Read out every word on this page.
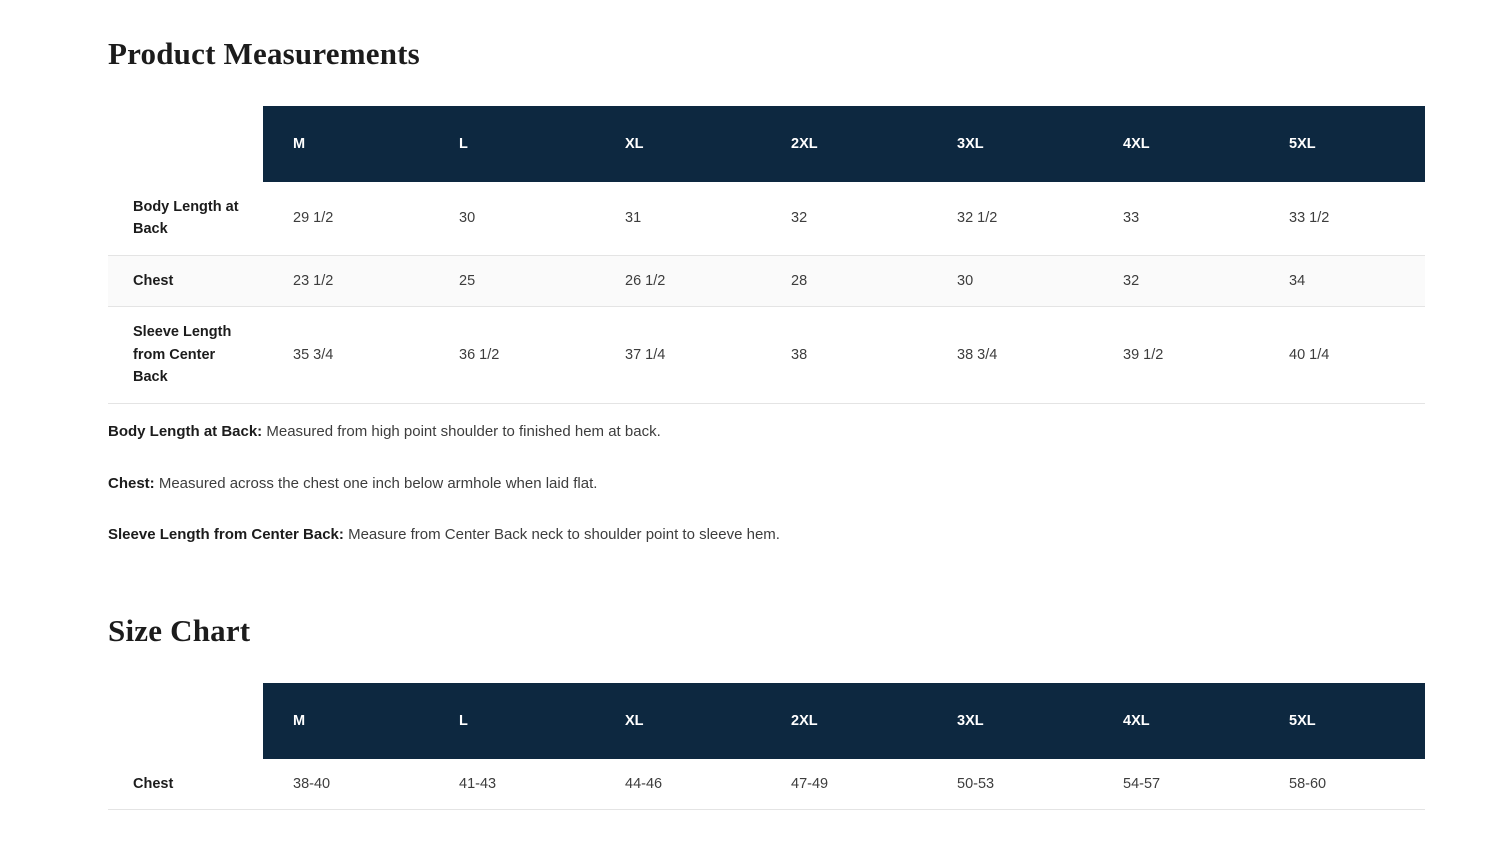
Product Measurements

	M	L	XL	2XL	3XL	4XL	5XL

Body Length at Back	29 1/2	30	31	32	32 1/2	33	33 1/2
Chest	23 1/2	25	26 1/2	28	30	32	34
Sleeve Length from Center Back	35 3/4	36 1/2	37 1/4	38	38 3/4	39 1/2	40 1/4

Body Length at Back: Measured from high point shoulder to finished hem at back.

Chest: Measured across the chest one inch below armhole when laid flat.

Sleeve Length from Center Back: Measure from Center Back neck to shoulder point to sleeve hem.

Size Chart

	M	L	XL	2XL	3XL	4XL	5XL

Chest	38-40	41-43	44-46	47-49	50-53	54-57	58-60
